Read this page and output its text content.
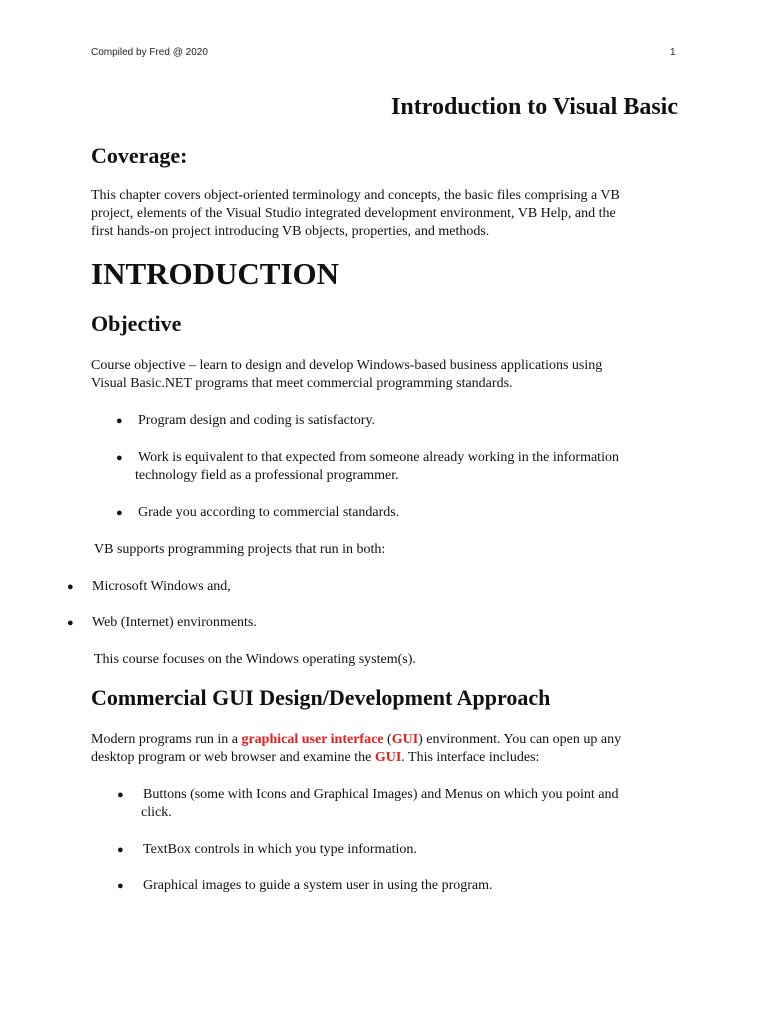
Compiled by Fred @ 2020	1
Introduction to Visual Basic
Coverage:
This chapter covers object-oriented terminology and concepts, the basic files comprising a VB
project, elements of the Visual Studio integrated development environment, VB Help, and the
first hands-on project introducing VB objects, properties, and methods.
INTRODUCTION
Objective
Course objective – learn to design and develop Windows-based business applications using
Visual Basic.NET programs that meet commercial programming standards.
● Program design and coding is satisfactory.
● Work is equivalent to that expected from someone already working in the information
technology field as a professional programmer.
● Grade you according to commercial standards.
VB supports programming projects that run in both:
● Microsoft Windows and,
● Web (Internet) environments.
This course focuses on the Windows operating system(s).
Commercial GUI Design/Development Approach
Modern programs run in a graphical user interface (GUI) environment. You can open up any
desktop program or web browser and examine the GUI. This interface includes:
● Buttons (some with Icons and Graphical Images) and Menus on which you point and
click.
● TextBox controls in which you type information.
● Graphical images to guide a system user in using the program.
